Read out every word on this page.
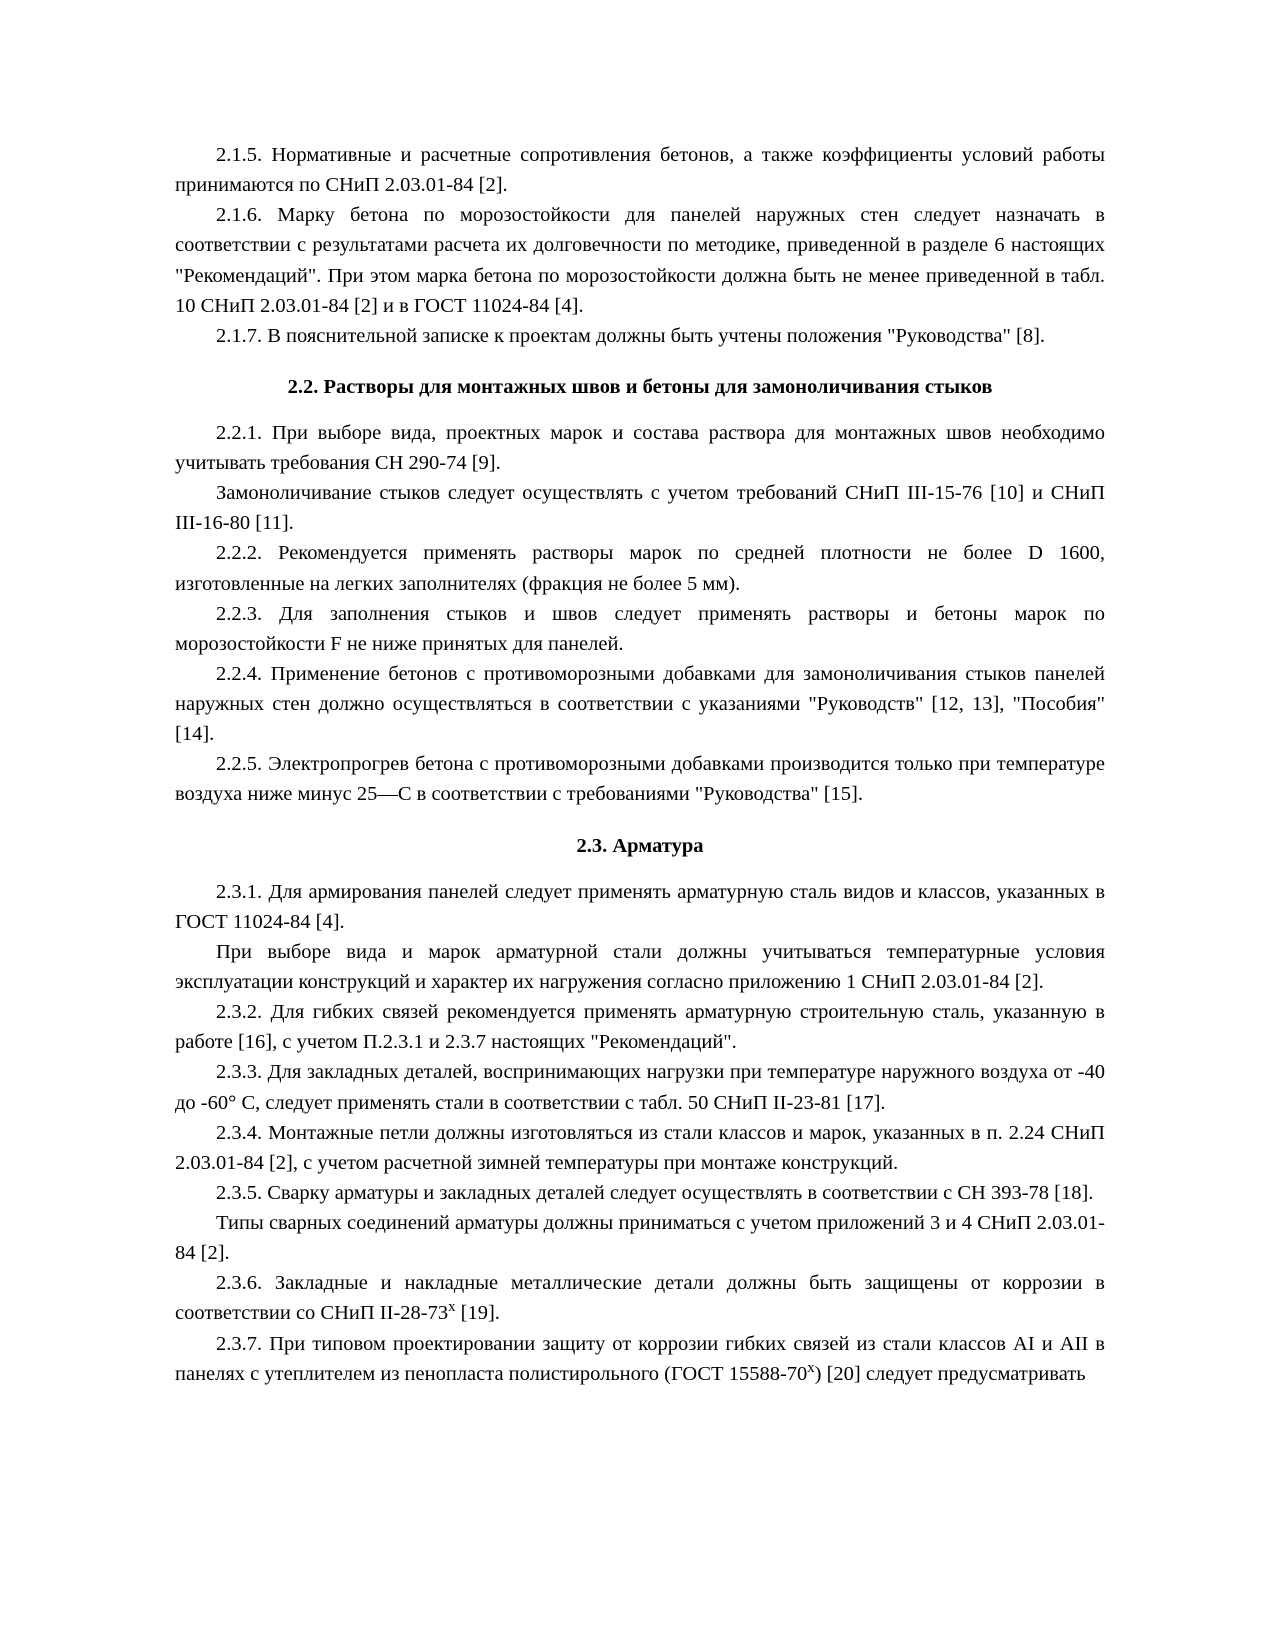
2.1.5. Нормативные и расчетные сопротивления бетонов, а также коэффициенты условий работы принимаются по СНиП 2.03.01-84 [2].

2.1.6. Марку бетона по морозостойкости для панелей наружных стен следует назначать в соответствии с результатами расчета их долговечности по методике, приведенной в разделе 6 настоящих "Рекомендаций". При этом марка бетона по морозостойкости должна быть не менее приведенной в табл. 10 СНиП 2.03.01-84 [2] и в ГОСТ 11024-84 [4].

2.1.7. В пояснительной записке к проектам должны быть учтены положения "Руководства" [8].

2.2. Растворы для монтажных швов и бетоны для замоноличивания стыков

2.2.1. При выборе вида, проектных марок и состава раствора для монтажных швов необходимо учитывать требования СН 290-74 [9].

Замоноличивание стыков следует осуществлять с учетом требований СНиП III-15-76 [10] и СНиП III-16-80 [11].

2.2.2. Рекомендуется применять растворы марок по средней плотности не более D 1600, изготовленные на легких заполнителях (фракция не более 5 мм).

2.2.3. Для заполнения стыков и швов следует применять растворы и бетоны марок по морозостойкости F не ниже принятых для панелей.

2.2.4. Применение бетонов с противоморозными добавками для замоноличивания стыков панелей наружных стен должно осуществляться в соответствии с указаниями "Руководств" [12, 13], "Пособия" [14].

2.2.5. Электропрогрев бетона с противоморозными добавками производится только при температуре воздуха ниже минус 25—С в соответствии с требованиями "Руководства" [15].

2.3. Арматура

2.3.1. Для армирования панелей следует применять арматурную сталь видов и классов, указанных в ГОСТ 11024-84 [4].

При выборе вида и марок арматурной стали должны учитываться температурные условия эксплуатации конструкций и характер их нагружения согласно приложению 1 СНиП 2.03.01-84 [2].

2.3.2. Для гибких связей рекомендуется применять арматурную строительную сталь, указанную в работе [16], с учетом П.2.3.1 и 2.3.7 настоящих "Рекомендаций".

2.3.3. Для закладных деталей, воспринимающих нагрузки при температуре наружного воздуха от -40 до -60° С, следует применять стали в соответствии с табл. 50 СНиП II-23-81 [17].

2.3.4. Монтажные петли должны изготовляться из стали классов и марок, указанных в п. 2.24 СНиП 2.03.01-84 [2], с учетом расчетной зимней температуры при монтаже конструкций.

2.3.5. Сварку арматуры и закладных деталей следует осуществлять в соответствии с СН 393-78 [18].

Типы сварных соединений арматуры должны приниматься с учетом приложений 3 и 4 СНиП 2.03.01-84 [2].

2.3.6. Закладные и накладные металлические детали должны быть защищены от коррозии в соответствии со СНиП II-28-73$^x$ [19].

2.3.7. При типовом проектировании защиту от коррозии гибких связей из стали классов AI и AII в панелях с утеплителем из пенопласта полистирольного (ГОСТ 15588-70$^x$) [20] следует предусматривать
